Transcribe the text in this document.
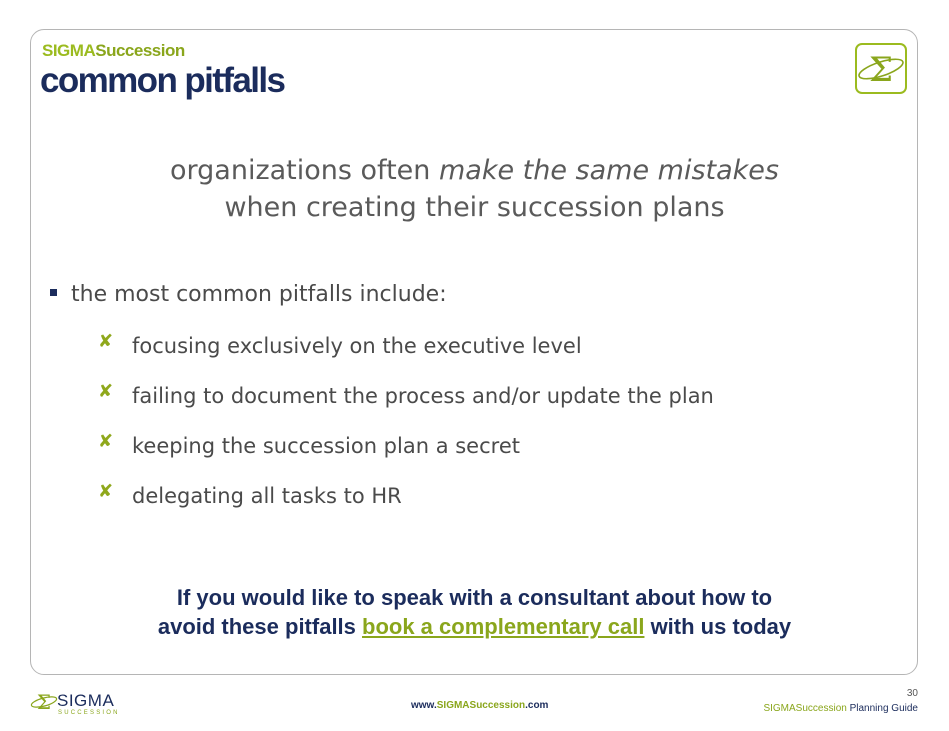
SIGMASuccession
common pitfalls	Σ
organizations often make the same mistakes
when creating their succession plans
the most common pitfalls include:
✘ focusing exclusively on the executive level
✘ failing to document the process and/or update the plan
✘ keeping the succession plan a secret
✘ delegating all tasks to HR
If you would like to speak with a consultant about how to
avoid these pitfalls book a complementary call with us today
Σ SIGMA
SUCCESSION
www.SIGMASuccession.com
30
SIGMASuccession Planning Guide
